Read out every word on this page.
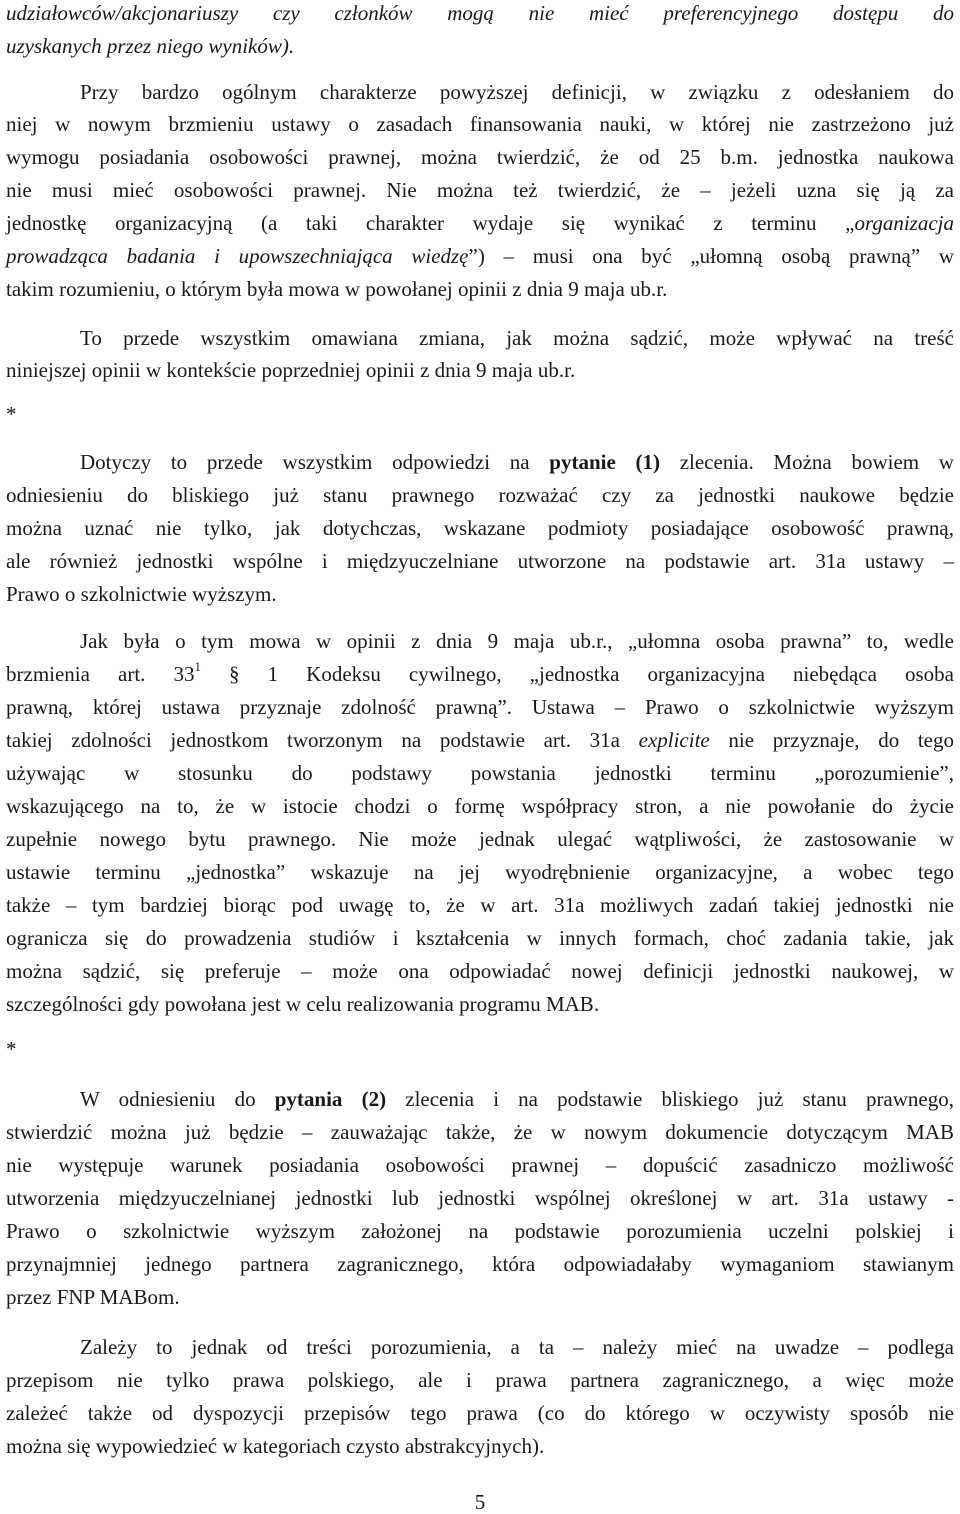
udziałowców/akcjonariuszy czy członków mogą nie mieć preferencyjnego dostępu do
uzyskanych przez niego wyników).
Przy bardzo ogólnym charakterze powyższej definicji, w związku z odesłaniem do
niej w nowym brzmieniu ustawy o zasadach finansowania nauki, w której nie zastrzeżono już
wymogu posiadania osobowości prawnej, można twierdzić, że od 25 b.m. jednostka naukowa
nie musi mieć osobowości prawnej. Nie można też twierdzić, że – jeżeli uzna się ją za
jednostkę organizacyjną (a taki charakter wydaje się wynikać z terminu „organizacja
prowadząca badania i upowszechniająca wiedzę”) – musi ona być „ułomną osobą prawną” w
takim rozumieniu, o którym była mowa w powołanej opinii z dnia 9 maja ub.r.
To przede wszystkim omawiana zmiana, jak można sądzić, może wpływać na treść
niniejszej opinii w kontekście poprzedniej opinii z dnia 9 maja ub.r.
*
Dotyczy to przede wszystkim odpowiedzi na pytanie (1) zlecenia. Można bowiem w
odniesieniu do bliskiego już stanu prawnego rozważać czy za jednostki naukowe będzie
można uznać nie tylko, jak dotychczas, wskazane podmioty posiadające osobowość prawną,
ale również jednostki wspólne i międzyuczelniane utworzone na podstawie art. 31a ustawy –
Prawo o szkolnictwie wyższym.
Jak była o tym mowa w opinii z dnia 9 maja ub.r., „ułomna osoba prawna” to, wedle
brzmienia art. $33^1$ § 1 Kodeksu cywilnego, „jednostka organizacyjna niebędąca osoba
prawną, której ustawa przyznaje zdolność prawną”. Ustawa – Prawo o szkolnictwie wyższym
takiej zdolności jednostkom tworzonym na podstawie art. 31a explicite nie przyznaje, do tego
używając w stosunku do podstawy powstania jednostki terminu „porozumienie”,
wskazującego na to, że w istocie chodzi o formę współpracy stron, a nie powołanie do życie
zupełnie nowego bytu prawnego. Nie może jednak ulegać wątpliwości, że zastosowanie w
ustawie terminu „jednostka” wskazuje na jej wyodrębnienie organizacyjne, a wobec tego
także – tym bardziej biorąc pod uwagę to, że w art. 31a możliwych zadań takiej jednostki nie
ogranicza się do prowadzenia studiów i kształcenia w innych formach, choć zadania takie, jak
można sądzić, się preferuje – może ona odpowiadać nowej definicji jednostki naukowej, w
szczególności gdy powołana jest w celu realizowania programu MAB.
*
W odniesieniu do pytania (2) zlecenia i na podstawie bliskiego już stanu prawnego,
stwierdzić można już będzie – zauważając także, że w nowym dokumencie dotyczącym MAB
nie występuje warunek posiadania osobowości prawnej – dopuścić zasadniczo możliwość
utworzenia międzyuczelnianej jednostki lub jednostki wspólnej określonej w art. 31a ustawy -
Prawo o szkolnictwie wyższym założonej na podstawie porozumienia uczelni polskiej i
przynajmniej jednego partnera zagranicznego, która odpowiadałaby wymaganiom stawianym
przez FNP MABom.
Zależy to jednak od treści porozumienia, a ta – należy mieć na uwadze – podlega
przepisom nie tylko prawa polskiego, ale i prawa partnera zagranicznego, a więc może
zależeć także od dyspozycji przepisów tego prawa (co do którego w oczywisty sposób nie
można się wypowiedzieć w kategoriach czysto abstrakcyjnych).
5
